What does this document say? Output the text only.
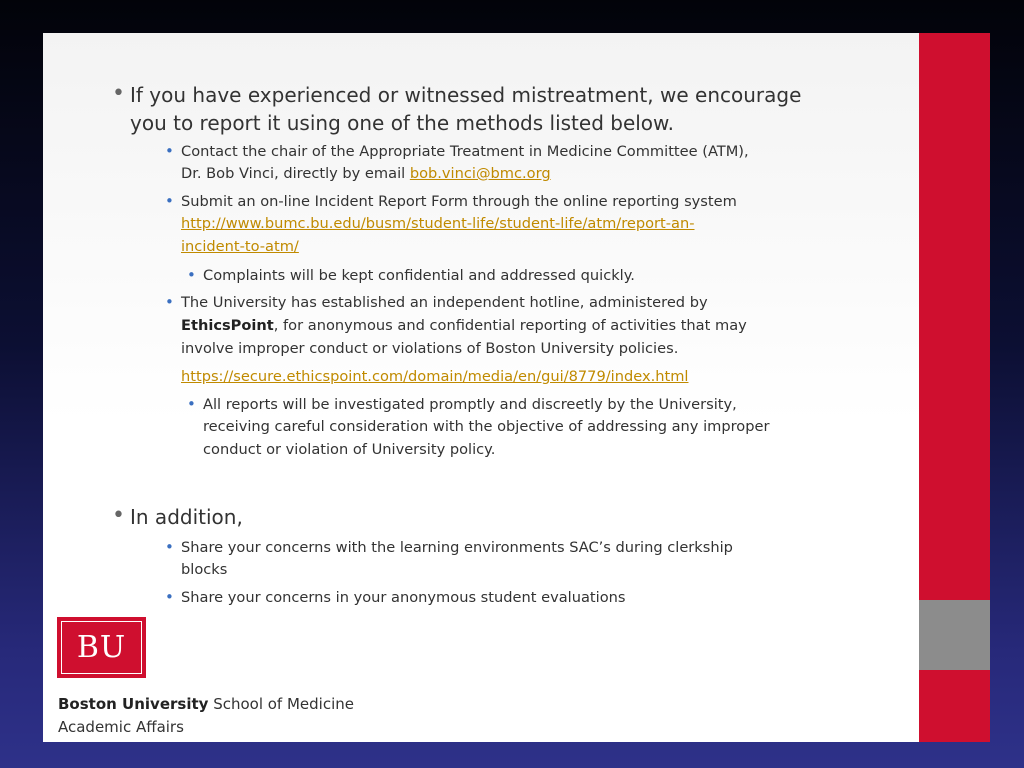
• If you have experienced or witnessed mistreatment, we encourage
you to report it using one of the methods listed below.
• Contact the chair of the Appropriate Treatment in Medicine Committee (ATM),
Dr. Bob Vinci, directly by email bob.vinci@bmc.org
• Submit an on-line Incident Report Form through the online reporting system
http://www.bumc.bu.edu/busm/student-life/student-life/atm/report-an-
incident-to-atm/
• Complaints will be kept confidential and addressed quickly.
• The University has established an independent hotline, administered by
EthicsPoint, for anonymous and confidential reporting of activities that may
involve improper conduct or violations of Boston University policies.
https://secure.ethicspoint.com/domain/media/en/gui/8779/index.html
• All reports will be investigated promptly and discreetly by the University,
receiving careful consideration with the objective of addressing any improper
conduct or violation of University policy.
• In addition,
• Share your concerns with the learning environments SAC’s during clerkship
blocks
• Share your concerns in your anonymous student evaluations
BU
Boston University School of Medicine
Academic Affairs
